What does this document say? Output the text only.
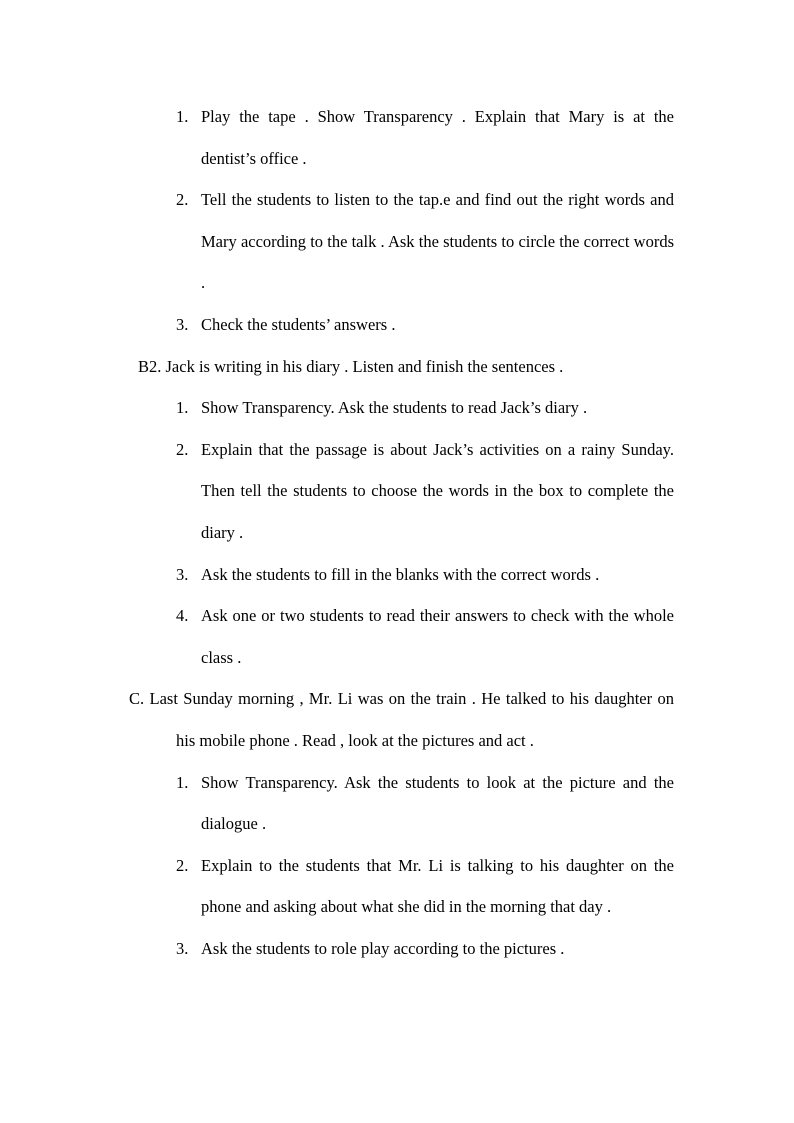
1. Play the tape . Show Transparency . Explain that Mary is at the dentist’s office .
2. Tell the students to listen to the tap.e and find out the right words and Mary according to the talk . Ask the students to circle the correct words .
3. Check the students’ answers .
B2. Jack is writing in his diary . Listen and finish the sentences .
1. Show Transparency. Ask the students to read Jack’s diary .
2. Explain that the passage is about Jack’s activities on a rainy Sunday. Then tell the students to choose the words in the box to complete the diary .
3. Ask the students to fill in the blanks with the correct words .
4. Ask one or two students to read their answers to check with the whole class .
C. Last Sunday morning , Mr. Li was on the train . He talked to his daughter on his mobile phone . Read , look at the pictures and act .
1. Show Transparency. Ask the students to look at the picture and the dialogue .
2. Explain to the students that Mr. Li is talking to his daughter on the phone and asking about what she did in the morning that day .
3. Ask the students to role play according to the pictures .
